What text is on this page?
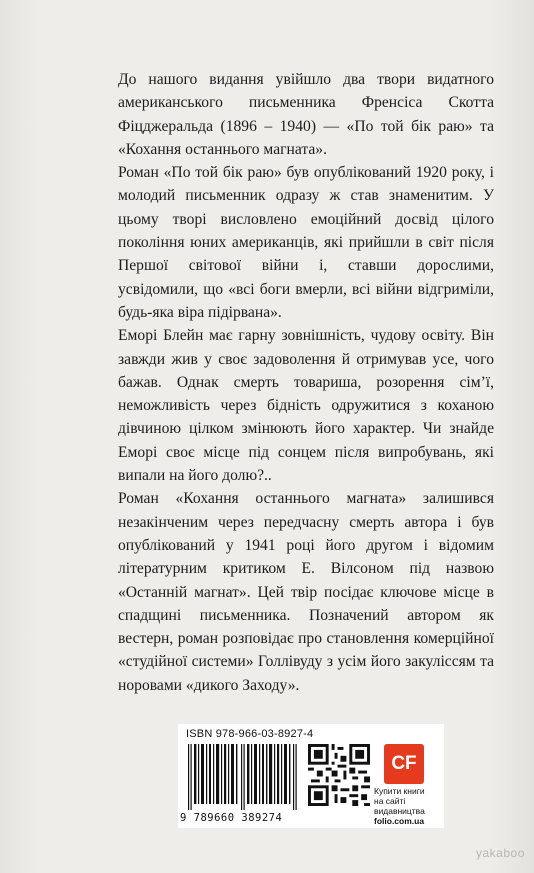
До нашого видання увійшло два твори видатного американського письменника Френсіса Скотта Фіцджеральда (1896 – 1940) — «По той бік раю» та «Кохання останнього магната».

Роман «По той бік раю» був опублікований 1920 року, і молодий письменник одразу ж став знаменитим. У цьому творі висловлено емоційний досвід цілого покоління юних американців, які прийшли в світ після Першої світової війни і, ставши дорослими, усвідомили, що «всі боги вмерли, всі війни відгриміли, будь-яка віра підірвана».

Еморі Блейн має гарну зовнішність, чудову освіту. Він завжди жив у своє задоволення й отримував усе, чого бажав. Однак смерть товариша, розорення сім’ї, неможливість через бідність одружитися з коханою дівчиною цілком змінюють його характер. Чи знайде Еморі своє місце під сонцем після випробувань, які випали на його долю?..

Роман «Кохання останнього магната» залишився незакінченим через передчасну смерть автора і був опублікований у 1941 році його другом і відомим літературним критиком Е. Вілсоном під назвою «Останній магнат». Цей твір посідає ключове місце в спадщині письменника. Позначений автором як вестерн, роман розповідає про становлення комерційної «студійної системи» Голлівуду з усім його закуліссям та норовами «дикого Заходу».

ISBN 978-966-03-8927-4
9 789660 389274
CF
Купити книги
на сайті
видавництва
folio.com.ua
yakaboo
